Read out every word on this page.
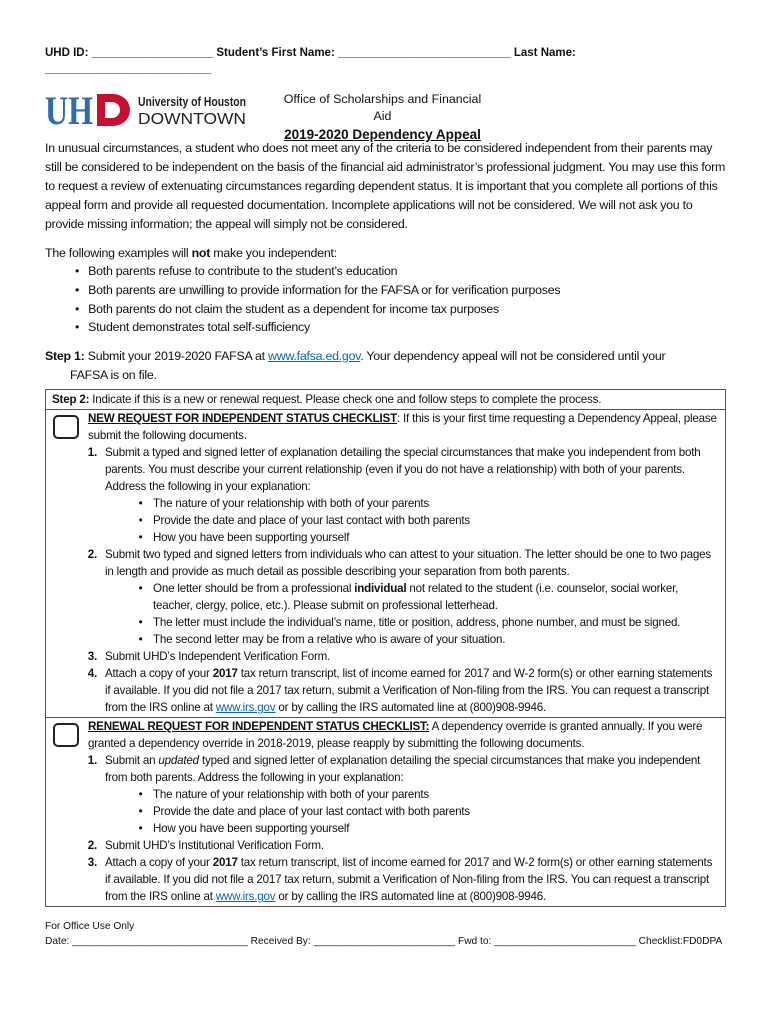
UHD ID: ___________________ Student’s First Name: ___________________________ Last Name: __________________________
UH	University of Houston
DOWNTOWN
Office of Scholarships and Financial Aid
2019-2020 Dependency Appeal
In unusual circumstances, a student who does not meet any of the criteria to be considered independent from their parents may still be considered to be independent on the basis of the financial aid administrator’s professional judgment. You may use this form to request a review of extenuating circumstances regarding dependent status. It is important that you complete all portions of this appeal form and provide all requested documentation. Incomplete applications will not be considered. We will not ask you to provide missing information; the appeal will simply not be considered.
The following examples will not make you independent:
• Both parents refuse to contribute to the student’s education
• Both parents are unwilling to provide information for the FAFSA or for verification purposes
• Both parents do not claim the student as a dependent for income tax purposes
• Student demonstrates total self-sufficiency
Step 1: Submit your 2019-2020 FAFSA at www.fafsa.ed.gov. Your dependency appeal will not be considered until your
FAFSA is on file.
Step 2: Indicate if this is a new or renewal request. Please check one and follow steps to complete the process.
NEW REQUEST FOR INDEPENDENT STATUS CHECKLIST: If this is your first time requesting a Dependency Appeal, please submit the following documents.
1. Submit a typed and signed letter of explanation detailing the special circumstances that make you independent from both parents. You must describe your current relationship (even if you do not have a relationship) with both of your parents. Address the following in your explanation:
• The nature of your relationship with both of your parents
• Provide the date and place of your last contact with both parents
• How you have been supporting yourself
2. Submit two typed and signed letters from individuals who can attest to your situation. The letter should be one to two pages in length and provide as much detail as possible describing your separation from both parents.
• One letter should be from a professional individual not related to the student (i.e. counselor, social worker, teacher, clergy, police, etc.). Please submit on professional letterhead.
• The letter must include the individual’s name, title or position, address, phone number, and must be signed.
• The second letter may be from a relative who is aware of your situation.
3. Submit UHD’s Independent Verification Form.
4. Attach a copy of your 2017 tax return transcript, list of income earned for 2017 and W-2 form(s) or other earning statements if available. If you did not file a 2017 tax return, submit a Verification of Non-filing from the IRS. You can request a transcript from the IRS online at www.irs.gov or by calling the IRS automated line at (800)908-9946.
RENEWAL REQUEST FOR INDEPENDENT STATUS CHECKLIST: A dependency override is granted annually. If you were granted a dependency override in 2018-2019, please reapply by submitting the following documents.
1. Submit an updated typed and signed letter of explanation detailing the special circumstances that make you independent from both parents. Address the following in your explanation:
• The nature of your relationship with both of your parents
• Provide the date and place of your last contact with both parents
• How you have been supporting yourself
2. Submit UHD’s Institutional Verification Form.
3. Attach a copy of your 2017 tax return transcript, list of income earned for 2017 and W-2 form(s) or other earning statements if available. If you did not file a 2017 tax return, submit a Verification of Non-filing from the IRS. You can request a transcript from the IRS online at www.irs.gov or by calling the IRS automated line at (800)908-9946.
For Office Use Only
Date: _______________________________ Received By: _________________________ Fwd to: _________________________ Checklist:FD0DPA
